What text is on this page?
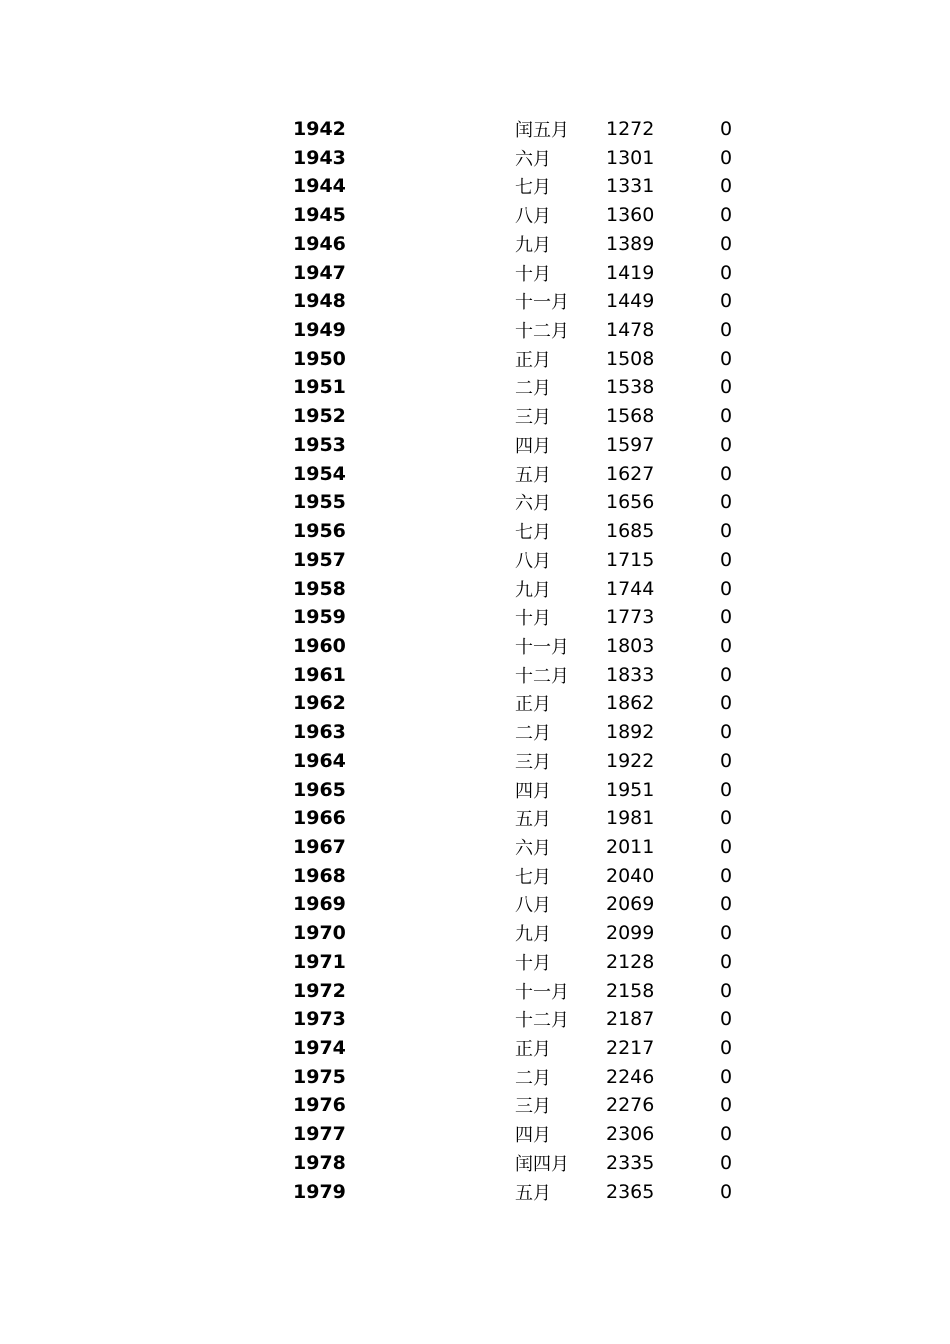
1942	闰五月 1272	0
1943	六月	1301	0
1944	七月	1331	0
1945	八月	1360	0
1946	九月	1389	0
1947	十月	1419	0
1948	十一月 1449	0
1949	十二月 1478	0
1950	正月	1508	0
1951	二月	1538	0
1952	三月	1568	0
1953	四月	1597	0
1954	五月	1627	0
1955	六月	1656	0
1956	七月	1685	0
1957	八月	1715	0
1958	九月	1744	0
1959	十月	1773	0
1960	十一月 1803	0
1961	十二月 1833	0
1962	正月	1862	0
1963	二月	1892	0
1964	三月	1922	0
1965	四月	1951	0
1966	五月	1981	0
1967	六月	2011	0
1968	七月	2040	0
1969	八月	2069	0
1970	九月	2099	0
1971	十月	2128	0
1972	十一月 2158	0
1973	十二月 2187	0
1974	正月	2217	0
1975	二月	2246	0
1976	三月	2276	0
1977	四月	2306	0
1978	闰四月 2335	0
1979	五月	2365	0
